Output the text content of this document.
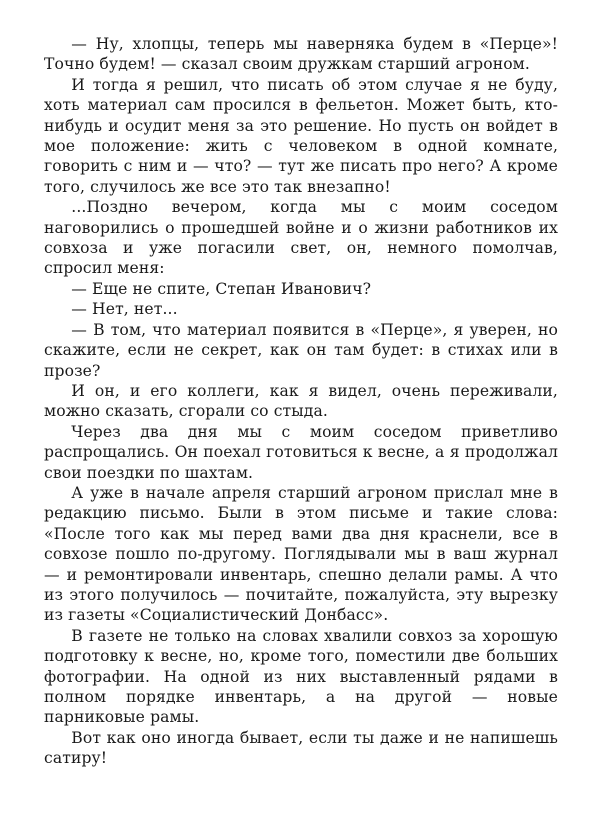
— Ну, хлопцы, теперь мы наверняка будем в «Перце»! Точно будем! — сказал своим дружкам старший агроном.

И тогда я решил, что писать об этом случае я не буду, хоть материал сам просился в фельетон. Может быть, кто-нибудь и осудит меня за это решение. Но пусть он войдет в мое положение: жить с человеком в одной комнате, говорить с ним и — что? — тут же писать про него? А кроме того, случилось же все это так внезапно!

...Поздно вечером, когда мы с моим соседом наговорились о прошедшей войне и о жизни работников их совхоза и уже погасили свет, он, немного помолчав, спросил меня:

— Еще не спите, Степан Иванович?

— Нет, нет...

— В том, что материал появится в «Перце», я уверен, но скажите, если не секрет, как он там будет: в стихах или в прозе?

И он, и его коллеги, как я видел, очень переживали, можно сказать, сгорали со стыда.

Через два дня мы с моим соседом приветливо распрощались. Он поехал готовиться к весне, а я продолжал свои поездки по шахтам.

А уже в начале апреля старший агроном прислал мне в редакцию письмо. Были в этом письме и такие слова: «После того как мы перед вами два дня краснели, все в совхозе пошло по-другому. Поглядывали мы в ваш журнал — и ремонтировали инвентарь, спешно делали рамы. А что из этого получилось — почитайте, пожалуйста, эту вырезку из газеты «Социалистический Донбасс».

В газете не только на словах хвалили совхоз за хорошую подготовку к весне, но, кроме того, поместили две больших фотографии. На одной из них выставленный рядами в полном порядке инвентарь, а на другой — новые парниковые рамы.

Вот как оно иногда бывает, если ты даже и не напишешь сатиру!
